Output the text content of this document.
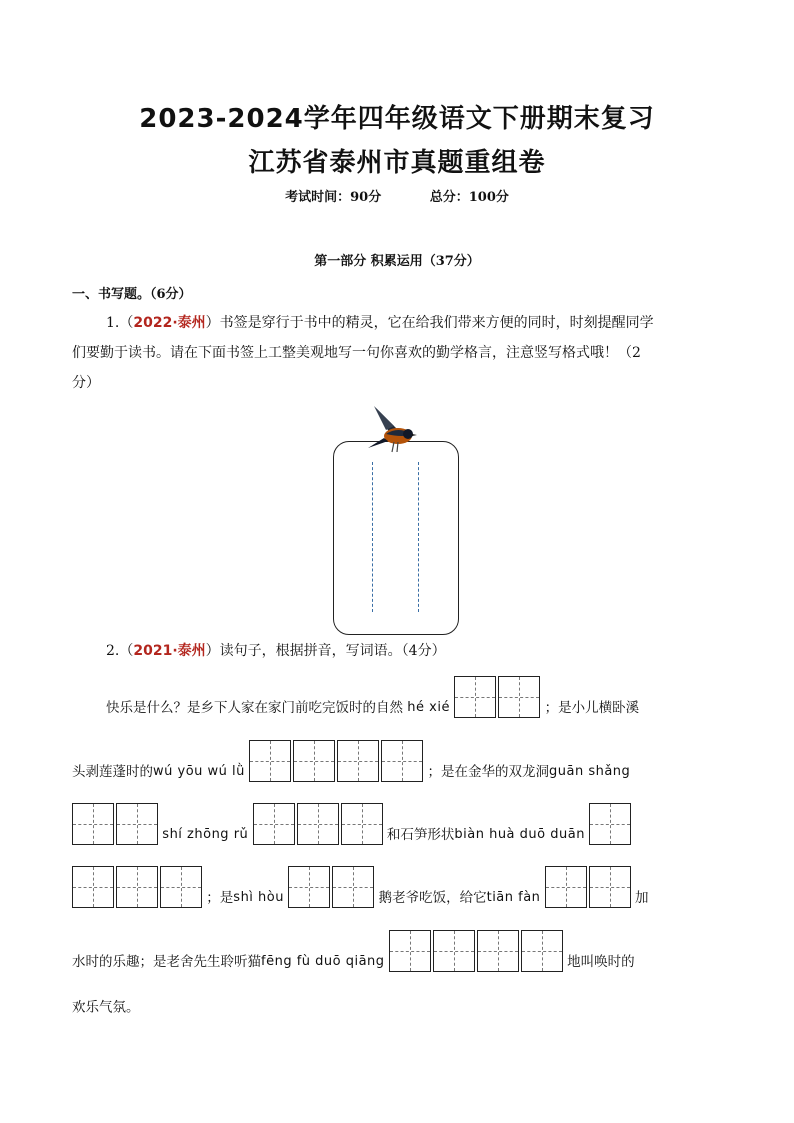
2023-2024学年四年级语文下册期末复习
江苏省泰州市真题重组卷
考试时间：90分	总分：100分
第一部分 积累运用（37分）
一、书写题。（6分）
1.（2022·泰州）书签是穿行于书中的精灵，它在给我们带来方便的同时，时刻提醒同学
们要勤于读书。请在下面书签上工整美观地写一句你喜欢的勤学格言，注意竖写格式哦！（2
分）
2.（2021·泰州）读句子，根据拼音，写词语。（4分）
快乐是什么？是乡下人家在家门前吃完饭时的自然 hé xié	；是小儿横卧溪
头剥莲蓬时的wú yōu wú lǜ	；是在金华的双龙洞guān shǎng
shí zhōng rǔ	和石笋形状biàn huà duō duān
；是shì hòu	鹅老爷吃饭，给它tiān fàn	加
水时的乐趣；是老舍先生聆听猫fēng fù duō qiāng	地叫唤时的
欢乐气氛。
